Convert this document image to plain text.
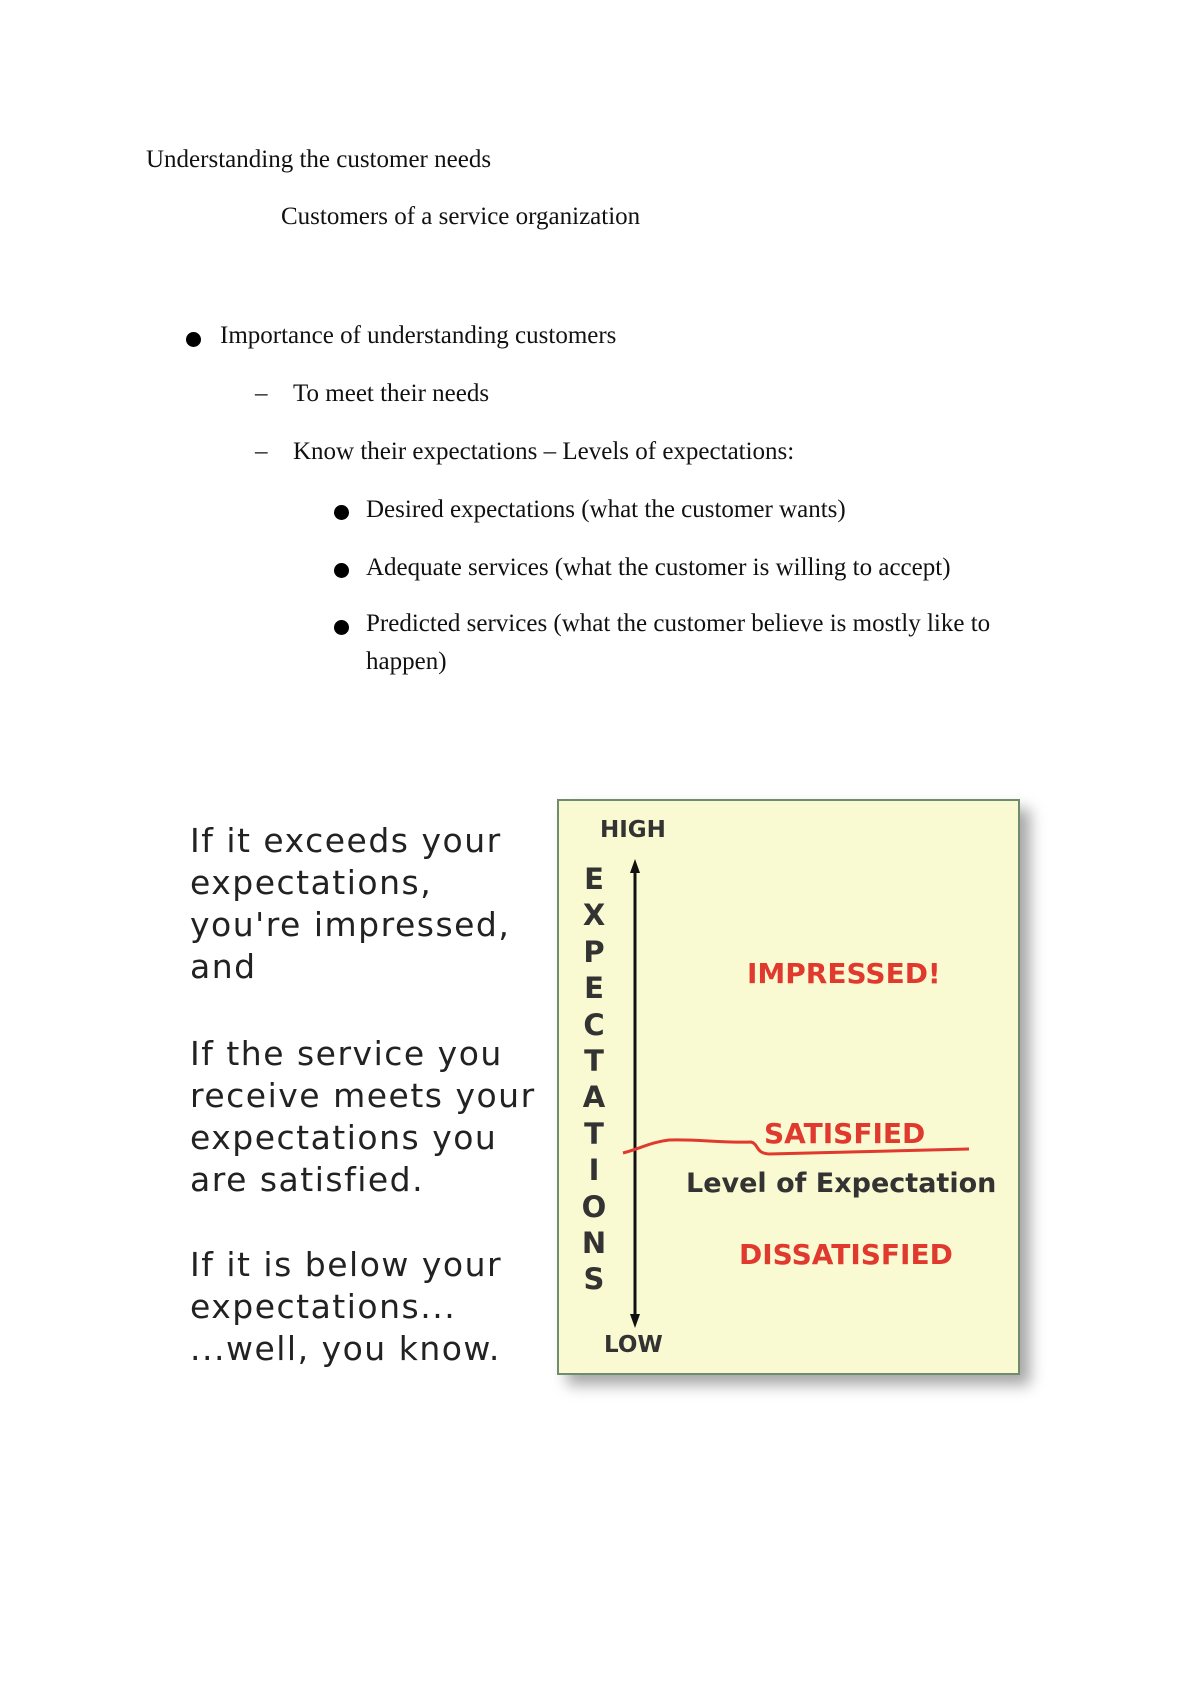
Understanding the customer needs
Customers of a service organization
Importance of understanding customers
– To meet their needs
– Know their expectations – Levels of expectations:
Desired expectations (what the customer wants)
Adequate services (what the customer is willing to accept)
Predicted services (what the customer believe is mostly like to happen)
If it exceeds your
expectations,
you're impressed,
and
If the service you
receive meets your
expectations you
are satisfied.
If it is below your
expectations...
...well, you know.
HIGH
E
X
P
E
C
T
A
T
I
O
N
S
IMPRESSED!
SATISFIED
Level of Expectation
DISSATISFIED
LOW
